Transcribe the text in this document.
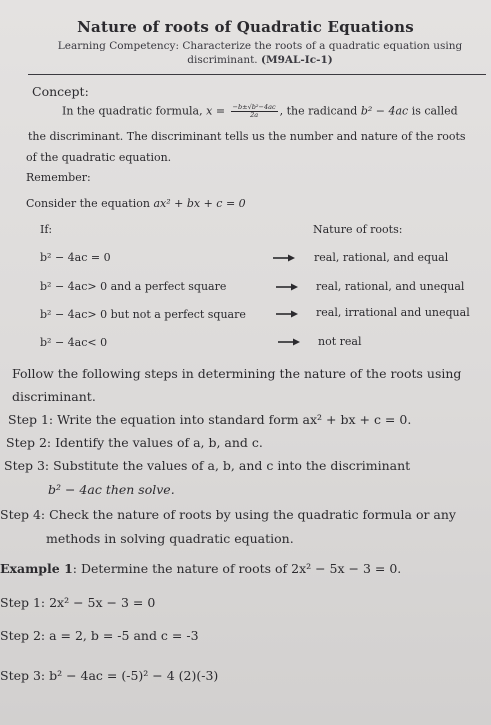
Nature of roots of Quadratic Equations
Learning Competency: Characterize the roots of a quadratic equation using
discriminant. (M9AL-Ic-1)
Concept:
In the quadratic formula, $x = \frac{\text{−b±√b²−4ac}}{2a}$ , the radicand b² − 4ac is called
the discriminant. The discriminant tells us the number and nature of the roots
of the quadratic equation.
Remember:
Consider the equation ax² + bx + c = 0
If:	Nature of roots:
b² − 4ac = 0	real, rational, and equal
b² − 4ac> 0 and a perfect square	real, rational, and unequal
b² − 4ac> 0 but not a perfect square	real, irrational and unequal
b² − 4ac< 0	not real
Follow the following steps in determining the nature of the roots using
discriminant.
Step 1: Write the equation into standard form ax² + bx + c = 0.
Step 2: Identify the values of a, b, and c.
Step 3: Substitute the values of a, b, and c into the discriminant
b² − 4ac then solve.
Step 4: Check the nature of roots by using the quadratic formula or any
methods in solving quadratic equation.
Example 1: Determine the nature of roots of 2x² − 5x − 3 = 0.
Step 1: 2x² − 5x − 3 = 0
Step 2: a = 2, b = -5 and c = -3
Step 3: b² − 4ac = (-5)² − 4 (2)(-3)
